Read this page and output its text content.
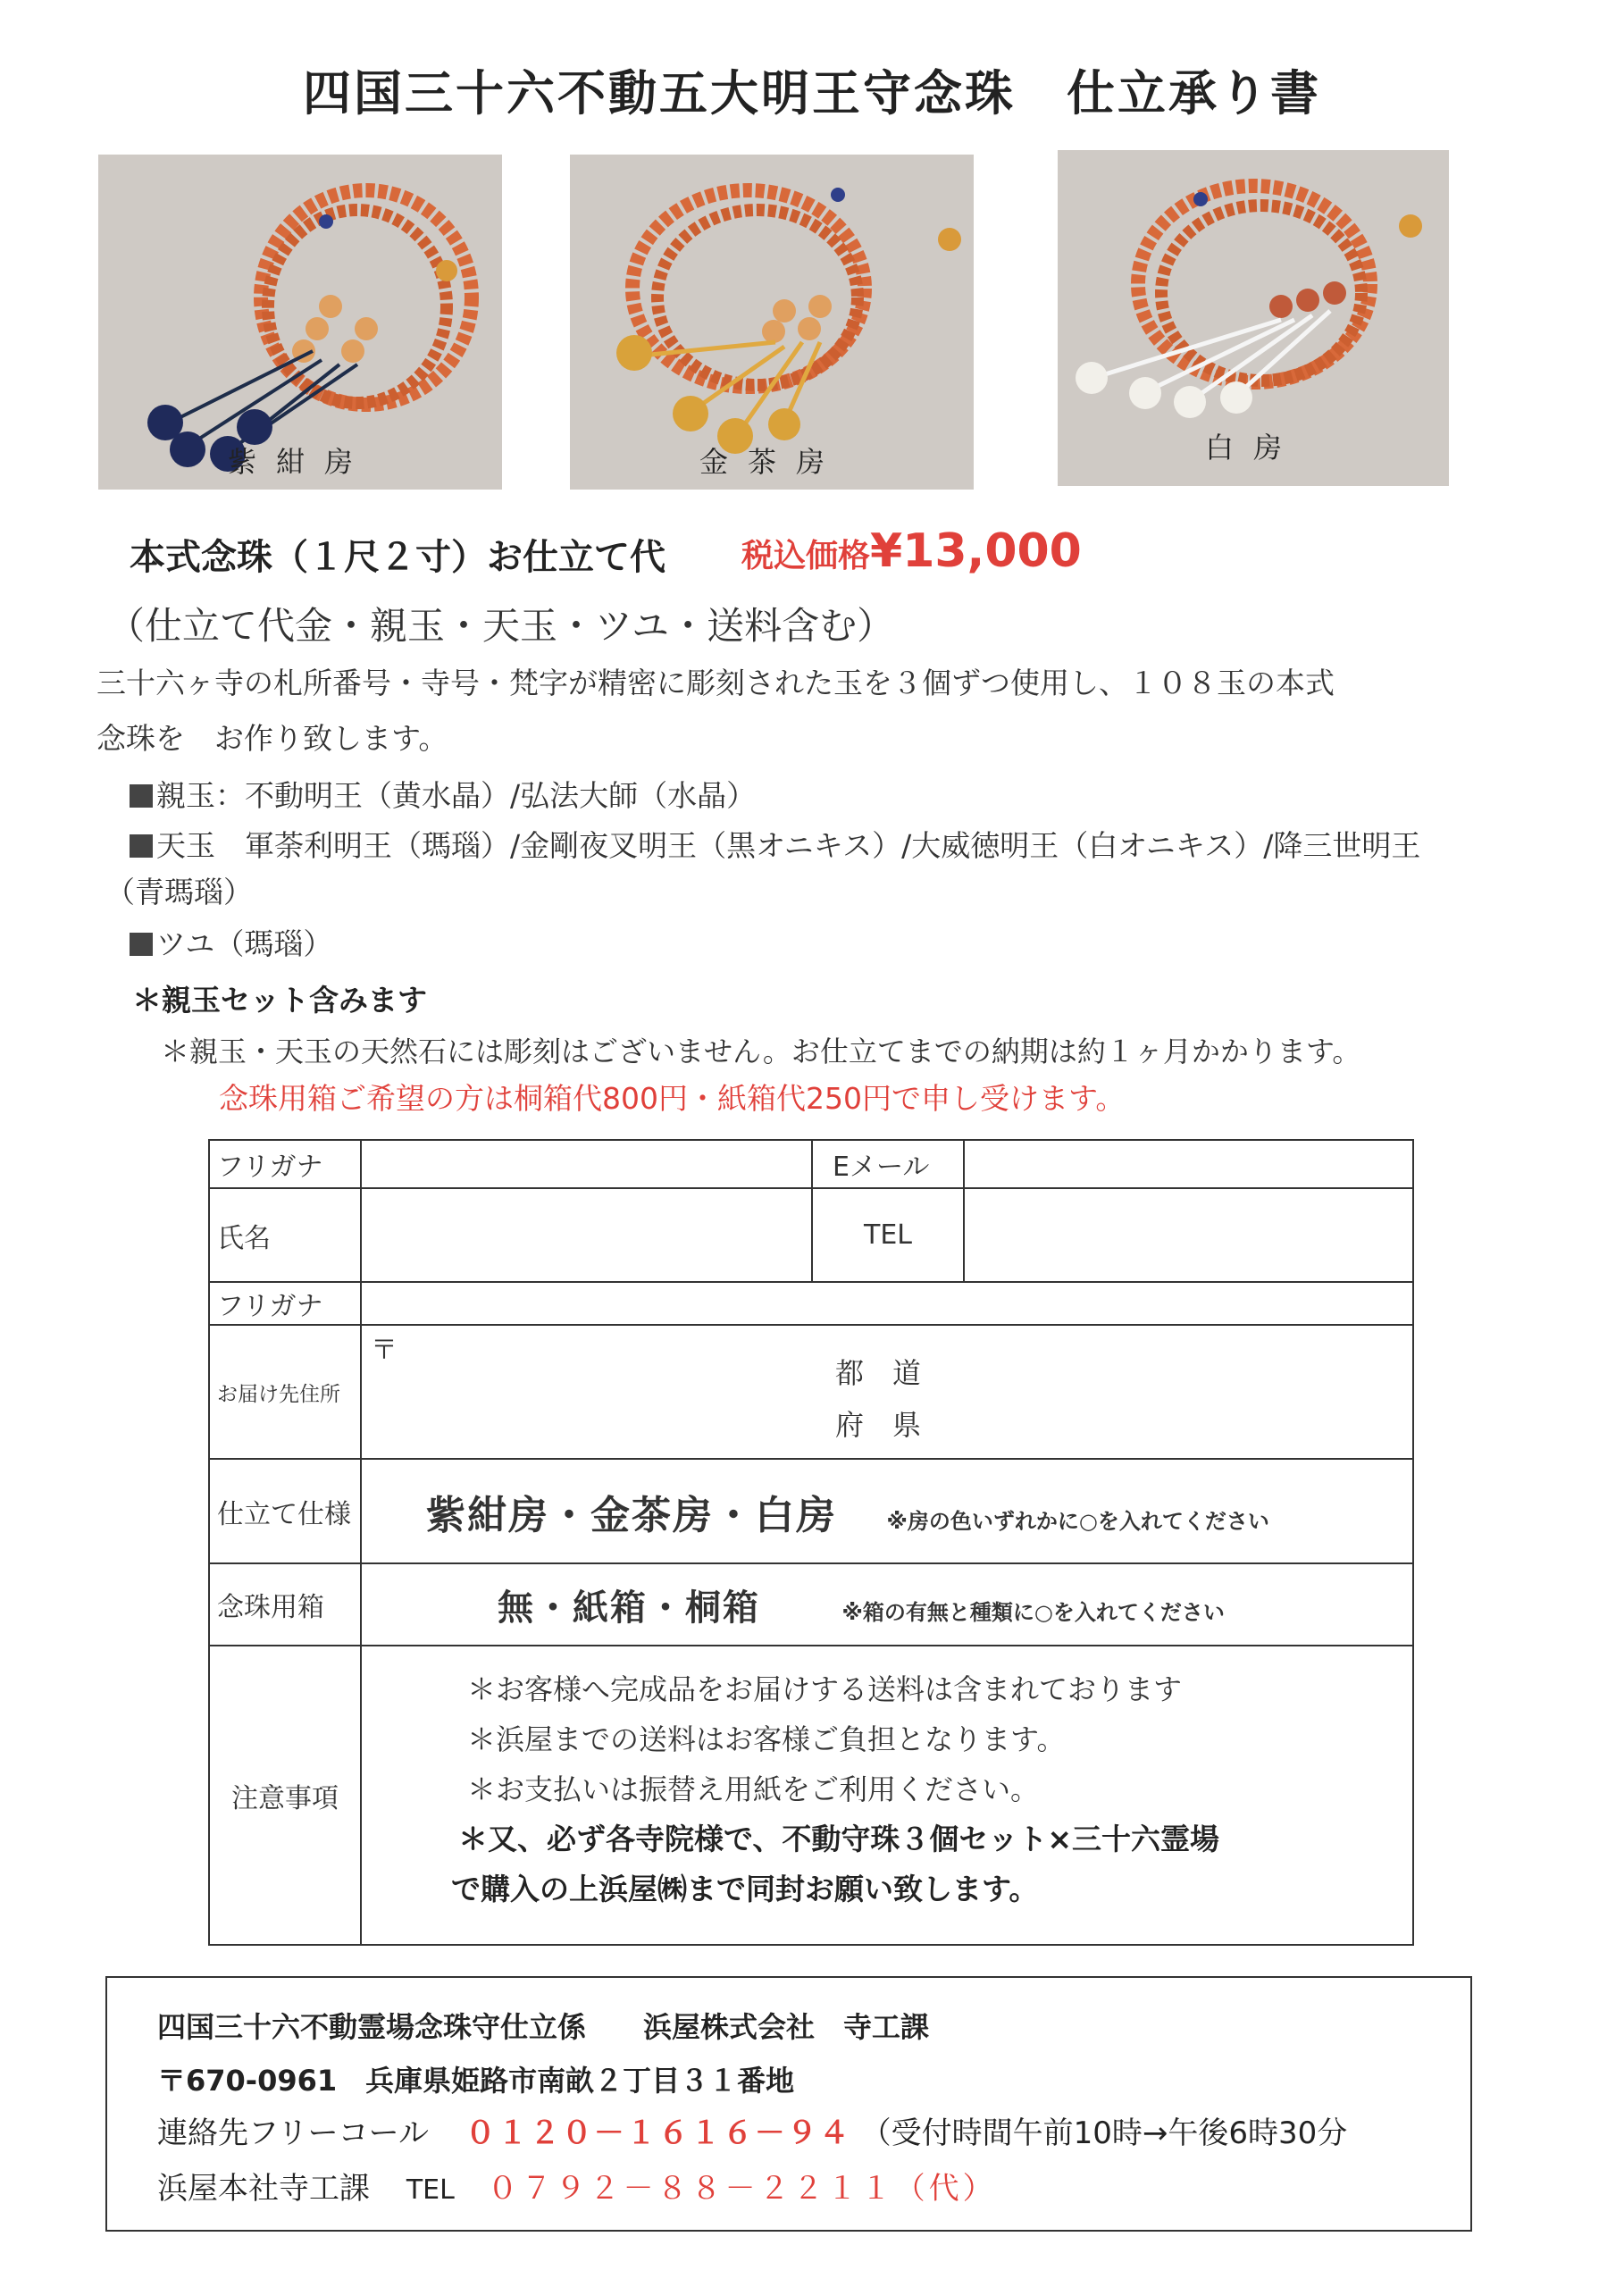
四国三十六不動五大明王守念珠　仕立承り書
紫紺房	金茶房	白房
本式念珠（１尺２寸）お仕立て代 税込価格¥13,000
（仕立て代金・親玉・天玉・ツユ・送料含む）
三十六ヶ寺の札所番号・寺号・梵字が精密に彫刻された玉を３個ずつ使用し、１０８玉の本式
念珠を　お作り致します。
親玉：不動明王（黄水晶）/弘法大師（水晶）
天玉　軍荼利明王（瑪瑙）/金剛夜叉明王（黒オニキス）/大威徳明王（白オニキス）/降三世明王
（青瑪瑙）
ツユ（瑪瑙）
＊親玉セット含みます
＊親玉・天玉の天然石には彫刻はございません。お仕立てまでの納期は約１ヶ月かかります。
念珠用箱ご希望の方は桐箱代800円・紙箱代250円で申し受けます。
フリガナ		Eメール	
氏名		TEL	
フリガナ			
お届け先住所	〒
都　道
府　県		

仕立て仕様	紫紺房・金茶房・白房 ※房の色いずれかに○を入れてください		
念珠用箱	無・紙箱・桐箱 ※箱の有無と種類に○を入れてください		
注意事項	＊お客様へ完成品をお届けする送料は含まれております
＊浜屋までの送料はお客様ご負担となります。
＊お支払いは振替え用紙をご利用ください。
＊又、必ず各寺院様で、不動守珠３個セット×三十六霊場
で購入の上浜屋㈱まで同封お願い致します。		
四国三十六不動霊場念珠守仕立係　　浜屋株式会社　寺工課
〒670-0961　兵庫県姫路市南畝２丁目３１番地
連絡先フリーコール ０１２０－１６１６－９４ （受付時間午前10時→午後6時30分
浜屋本社寺工課 TEL ０７９２－８８－２２１１（代）
